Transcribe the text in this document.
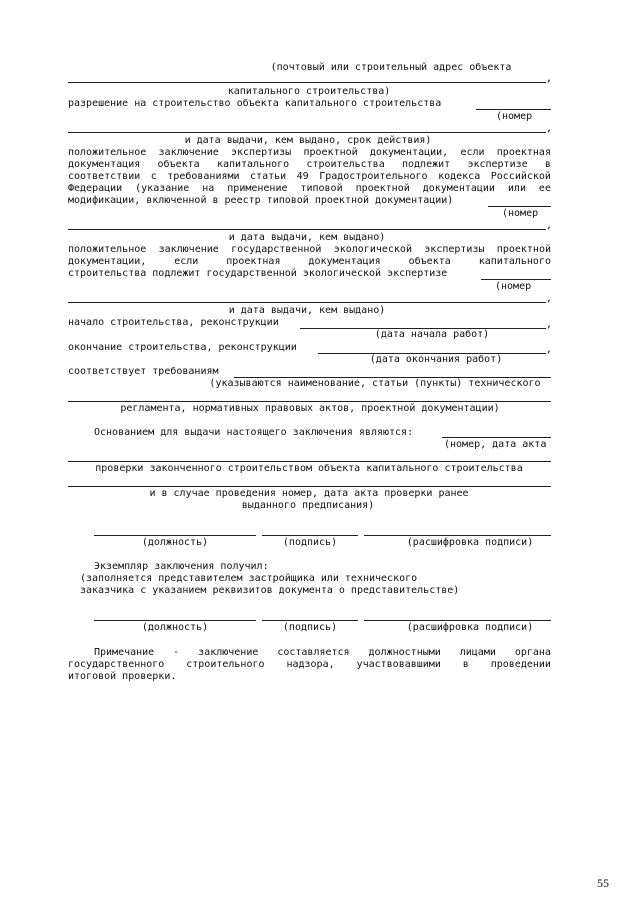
(почтовый или строительный адрес объекта
,
капитального строительства)
разрешение на строительство объекта капитального строительства
(номер
,
и дата выдачи, кем выдано, срок действия)
положительное заключение экспертизы проектной документации, если проектная
документация объекта капитального строительства подлежит экспертизе в
соответствии с требованиями статьи 49 Градостроительного кодекса Российской
Федерации (указание на применение типовой проектной документации или ее
модификации, включенной в реестр типовой проектной документации)
(номер
,
и дата выдачи, кем выдано)
положительное заключение государственной экологической экспертизы проектной
документации,	если	проектная	документация	объекта	капитального
строительства подлежит государственной экологической экспертизе
(номер
,
и дата выдачи, кем выдано)
начало строительства, реконструкции	,
(дата начала работ)
окончание строительства, реконструкции	,
(дата окончания работ)
соответствует требованиям
(указываются наименование, статьи (пункты) технического
регламента, нормативных правовых актов, проектной документации)
Основанием для выдачи настоящего заключения являются:
(номер, дата акта
проверки законченного строительством объекта капитального строительства
и в случае проведения номер, дата акта проверки ранее
выданного предписания)
(должность)	(подпись)	(расшифровка подписи)
Экземпляр заключения получил:
(заполняется представителем застройщика или технического
заказчика с указанием реквизитов документа о представительстве)
(должность)	(подпись)	(расшифровка подписи)
Примечание - заключение составляется должностными лицами органа
государственного строительного надзора, участвовавшими в проведении
итоговой проверки.
55
